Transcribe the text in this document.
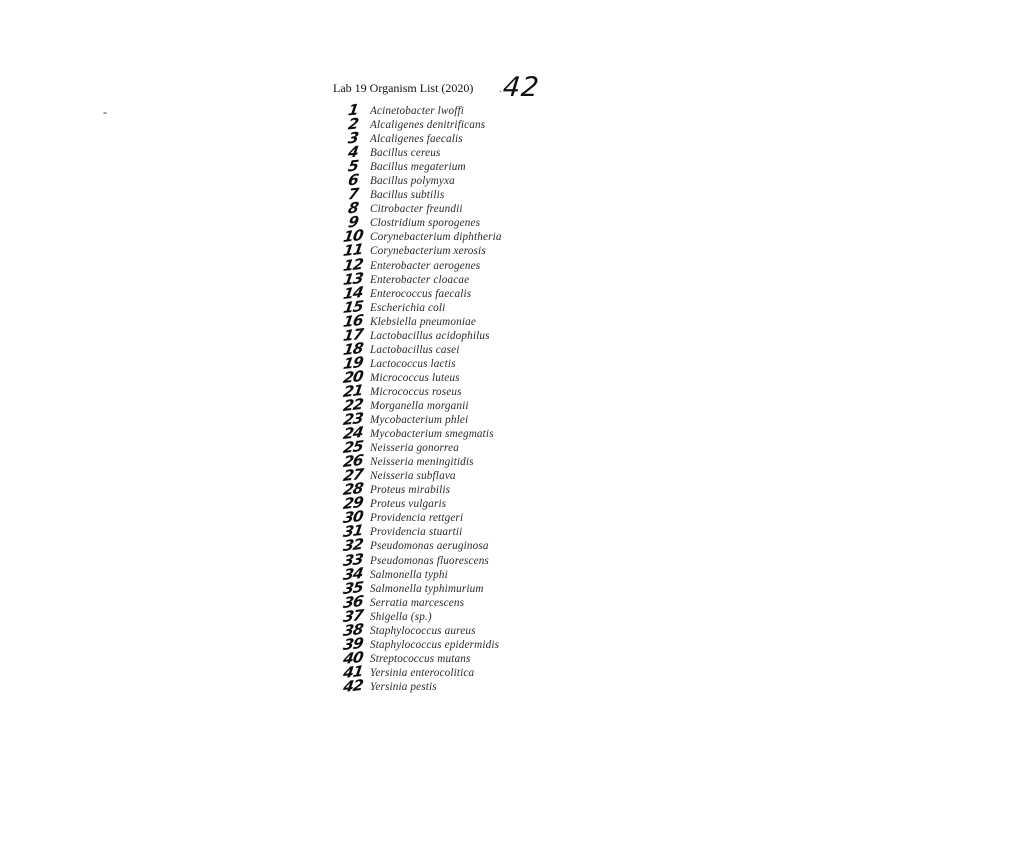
-
Lab 19 Organism List (2020)	. 42
1 Acinetobacter lwoffi
2 Alcaligenes denitrificans
3 Alcaligenes faecalis
4 Bacillus cereus
5 Bacillus megaterium
6 Bacillus polymyxa
7 Bacillus subtilis
8 Citrobacter freundii
9 Clostridium sporogenes
10 Corynebacterium diphtheria
11 Corynebacterium xerosis
12 Enterobacter aerogenes
13 Enterobacter cloacae
14 Enterococcus faecalis
15 Escherichia coli
16 Klebsiella pneumoniae
17 Lactobacillus acidophilus
18 Lactobacillus casei
19 Lactococcus lactis
20 Micrococcus luteus
21 Micrococcus roseus
22 Morganella morganii
23 Mycobacterium phlei
24 Mycobacterium smegmatis
25 Neisseria gonorrea
26 Neisseria meningitidis
27 Neisseria subflava
28 Proteus mirabilis
29 Proteus vulgaris
30 Providencia rettgeri
31 Providencia stuartii
32 Pseudomonas aeruginosa
33 Pseudomonas fluorescens
34 Salmonella typhi
35 Salmonella typhimurium
36 Serratia marcescens
37 Shigella (sp.)
38 Staphylococcus aureus
39 Staphylococcus epidermidis
40 Streptococcus mutans
41 Yersinia enterocolitica
42 Yersinia pestis
